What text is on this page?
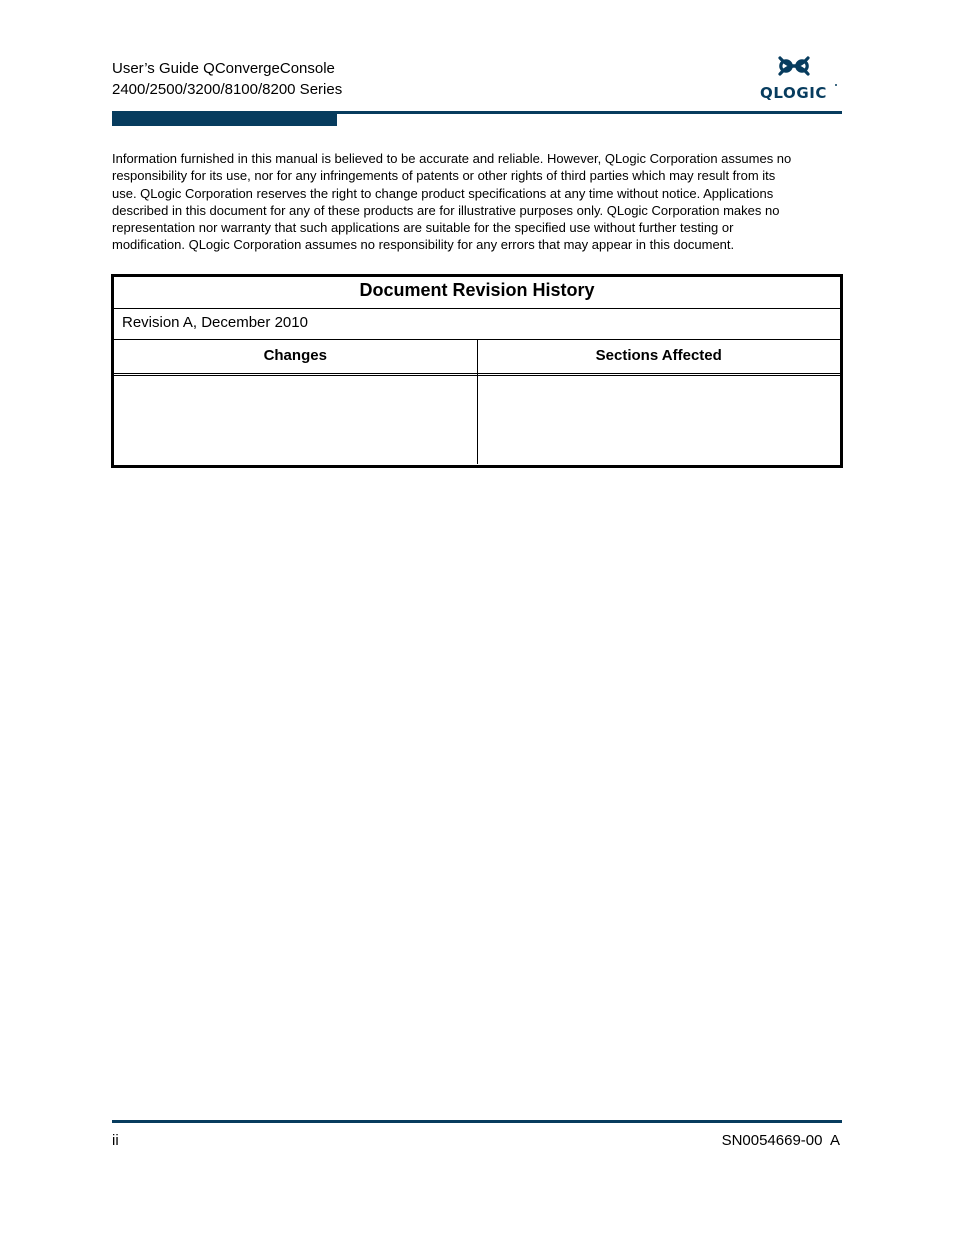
User’s Guide QConvergeConsole
2400/2500/3200/8100/8200 Series	QLOGIC
Information furnished in this manual is believed to be accurate and reliable. However, QLogic Corporation assumes no
responsibility for its use, nor for any infringements of patents or other rights of third parties which may result from its
use. QLogic Corporation reserves the right to change product specifications at any time without notice. Applications
described in this document for any of these products are for illustrative purposes only. QLogic Corporation makes no
representation nor warranty that such applications are suitable for the specified use without further testing or
modification. QLogic Corporation assumes no responsibility for any errors that may appear in this document.
Document Revision History
Revision A, December 2010
Changes	Sections Affected
ii	SN0054669-00  A
